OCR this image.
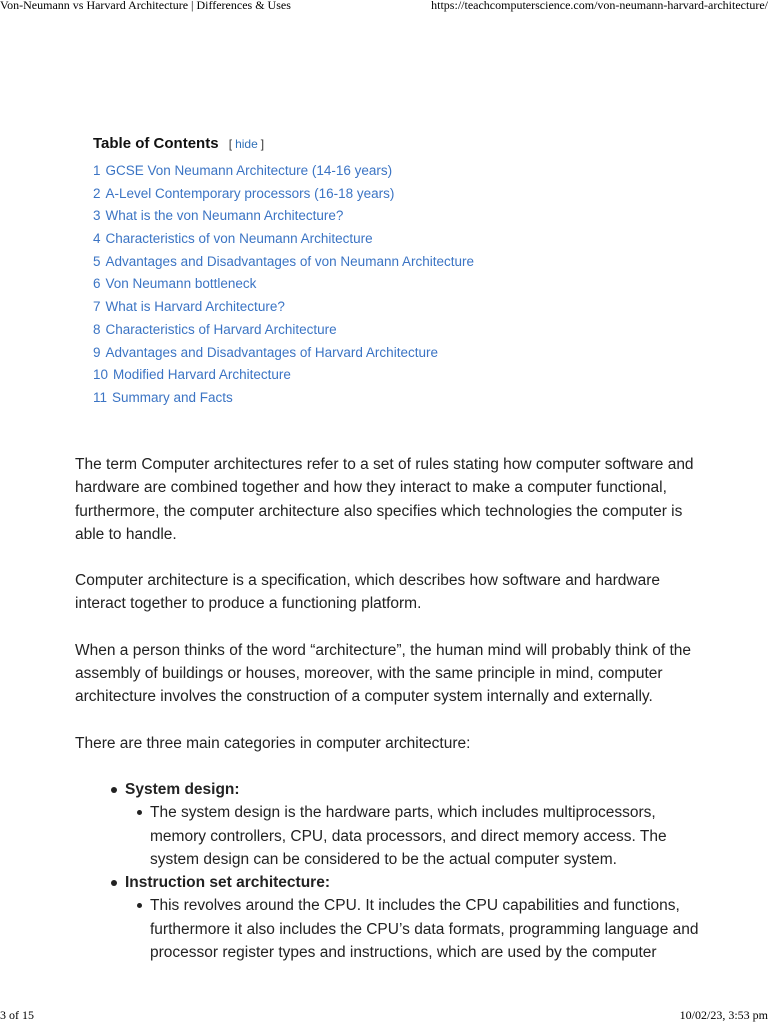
Von-Neumann vs Harvard Architecture | Differences & Uses	https://teachcomputerscience.com/von-neumann-harvard-architecture/
Table of Contents [ hide ]
1 GCSE Von Neumann Architecture (14-16 years)
2 A-Level Contemporary processors (16-18 years)
3 What is the von Neumann Architecture?
4 Characteristics of von Neumann Architecture
5 Advantages and Disadvantages of von Neumann Architecture
6 Von Neumann bottleneck
7 What is Harvard Architecture?
8 Characteristics of Harvard Architecture
9 Advantages and Disadvantages of Harvard Architecture
10 Modified Harvard Architecture
11 Summary and Facts

The term Computer architectures refer to a set of rules stating how computer software and hardware are combined together and how they interact to make a computer functional, furthermore, the computer architecture also specifies which technologies the computer is able to handle.

Computer architecture is a specification, which describes how software and hardware interact together to produce a functioning platform.

When a person thinks of the word “architecture”, the human mind will probably think of the assembly of buildings or houses, moreover, with the same principle in mind, computer architecture involves the construction of a computer system internally and externally.

There are three main categories in computer architecture:

System design:
The system design is the hardware parts, which includes multiprocessors, memory controllers, CPU, data processors, and direct memory access. The system design can be considered to be the actual computer system.
Instruction set architecture:
This revolves around the CPU. It includes the CPU capabilities and functions, furthermore it also includes the CPU’s data formats, programming language and processor register types and instructions, which are used by the computer
3 of 15	10/02/23, 3:53 pm
